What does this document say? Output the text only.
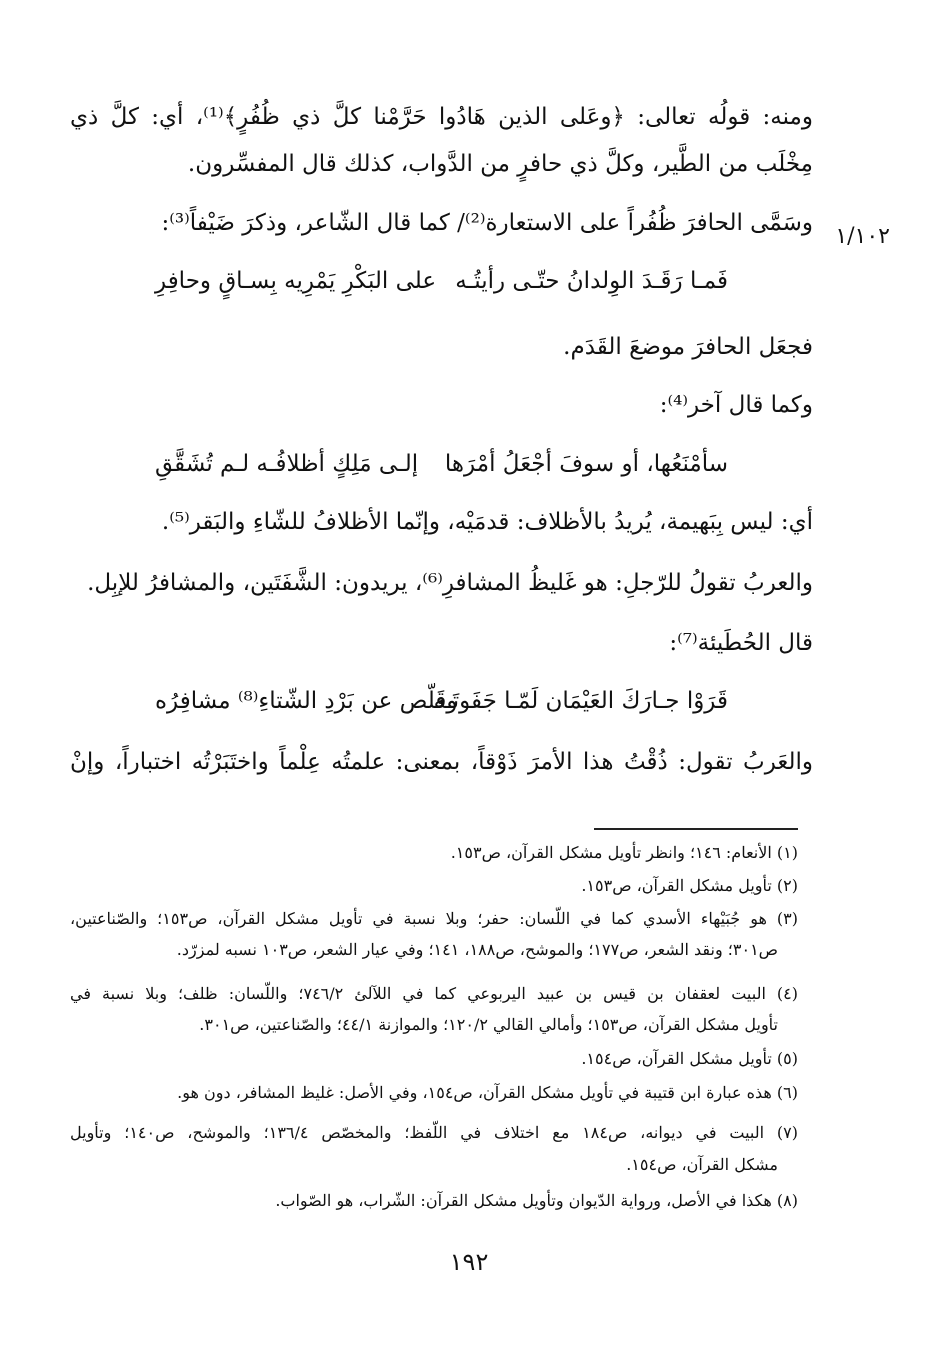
ومنه: قولُه تعالى: ﴿وعَلى الذين هَادُوا حَرَّمْنا كلَّ ذي ظُفُرٍ﴾⁽¹⁾، أي: كلَّ ذي
مِخْلَب من الطَّير، وكلَّ ذي حافرٍ من الدَّواب، كذلك قال المفسِّرون.
وسَمَّى الحافرَ ظُفُراً على الاستعارة⁽²⁾/ كما قال الشّاعر، وذكرَ ضَيْفاً⁽³⁾:
١/١٠٢
فَمـا رَقَـدَ الوِلدانُ حتّـى رأيتُـه
على البَكْرِ يَمْرِيه بِسـاقٍ وحافِرِ
فجعَل الحافرَ موضعَ القَدَم.
وكما قال آخر⁽⁴⁾:
سأمْنَعُها، أو سوفَ أجْعَلُ أمْرَها
إلـى مَلِكٍ أظلافُـه لـم تُشَقَّقِ
أي: ليس بِبَهيمة، يُريدُ بالأظلاف: قدمَيْه، وإنّما الأظلافُ للشّاءِ والبَقر⁽⁵⁾.
والعربُ تقولُ للرّجلِ: هو غَليظُ المشافرِ⁽⁶⁾، يريدون: الشَّفَتَين، والمشافرُ للإبِل.
قال الحُطَيئة⁽⁷⁾:
قَرَوْا جـارَكَ العَيْمَان لَمّـا جَفَوتَـه
وقَلّص عن بَرْدِ الشّتاءِ⁽⁸⁾ مشافِرُه
والعَربُ تقول: ذُقْتُ هذا الأمرَ ذَوْقاً، بمعنى: علمتُه عِلْماً واختَبَرْتُه اختباراً، وإنْ
(١) الأنعام: ١٤٦؛ وانظر تأويل مشكل القرآن، ص١٥٣.
(٢) تأويل مشكل القرآن، ص١٥٣.
(٣) هو جُبَيْهاء الأسدي كما في اللّسان: حفر؛ وبلا نسبة في تأويل مشكل القرآن، ص١٥٣؛ والصّناعتين،
ص٣٠١؛ ونقد الشعر، ص١٧٧؛ والموشح، ص١٨٨، ١٤١؛ وفي عيار الشعر، ص١٠٣ نسبه لمزرّد.
(٤) البيت لعقفان بن قيس بن عبيد اليربوعي كما في اللآلئ ٧٤٦/٢؛ واللّسان: ظلف؛ وبلا نسبة في
تأويل مشكل القرآن، ص١٥٣؛ وأمالي القالي ١٢٠/٢؛ والموازنة ٤٤/١؛ والصّناعتين، ص٣٠١.
(٥) تأويل مشكل القرآن، ص١٥٤.
(٦) هذه عبارة ابن قتيبة في تأويل مشكل القرآن، ص١٥٤، وفي الأصل: غليظ المشافر، دون هو.
(٧) البيت في ديوانه، ص١٨٤ مع اختلاف في اللّفظ؛ والمخصّص ١٣٦/٤؛ والموشح، ص١٤٠؛ وتأويل
مشكل القرآن، ص١٥٤.
(٨) هكذا في الأصل، ورواية الدّيوان وتأويل مشكل القرآن: الشّراب، هو الصّواب.
١٩٢
